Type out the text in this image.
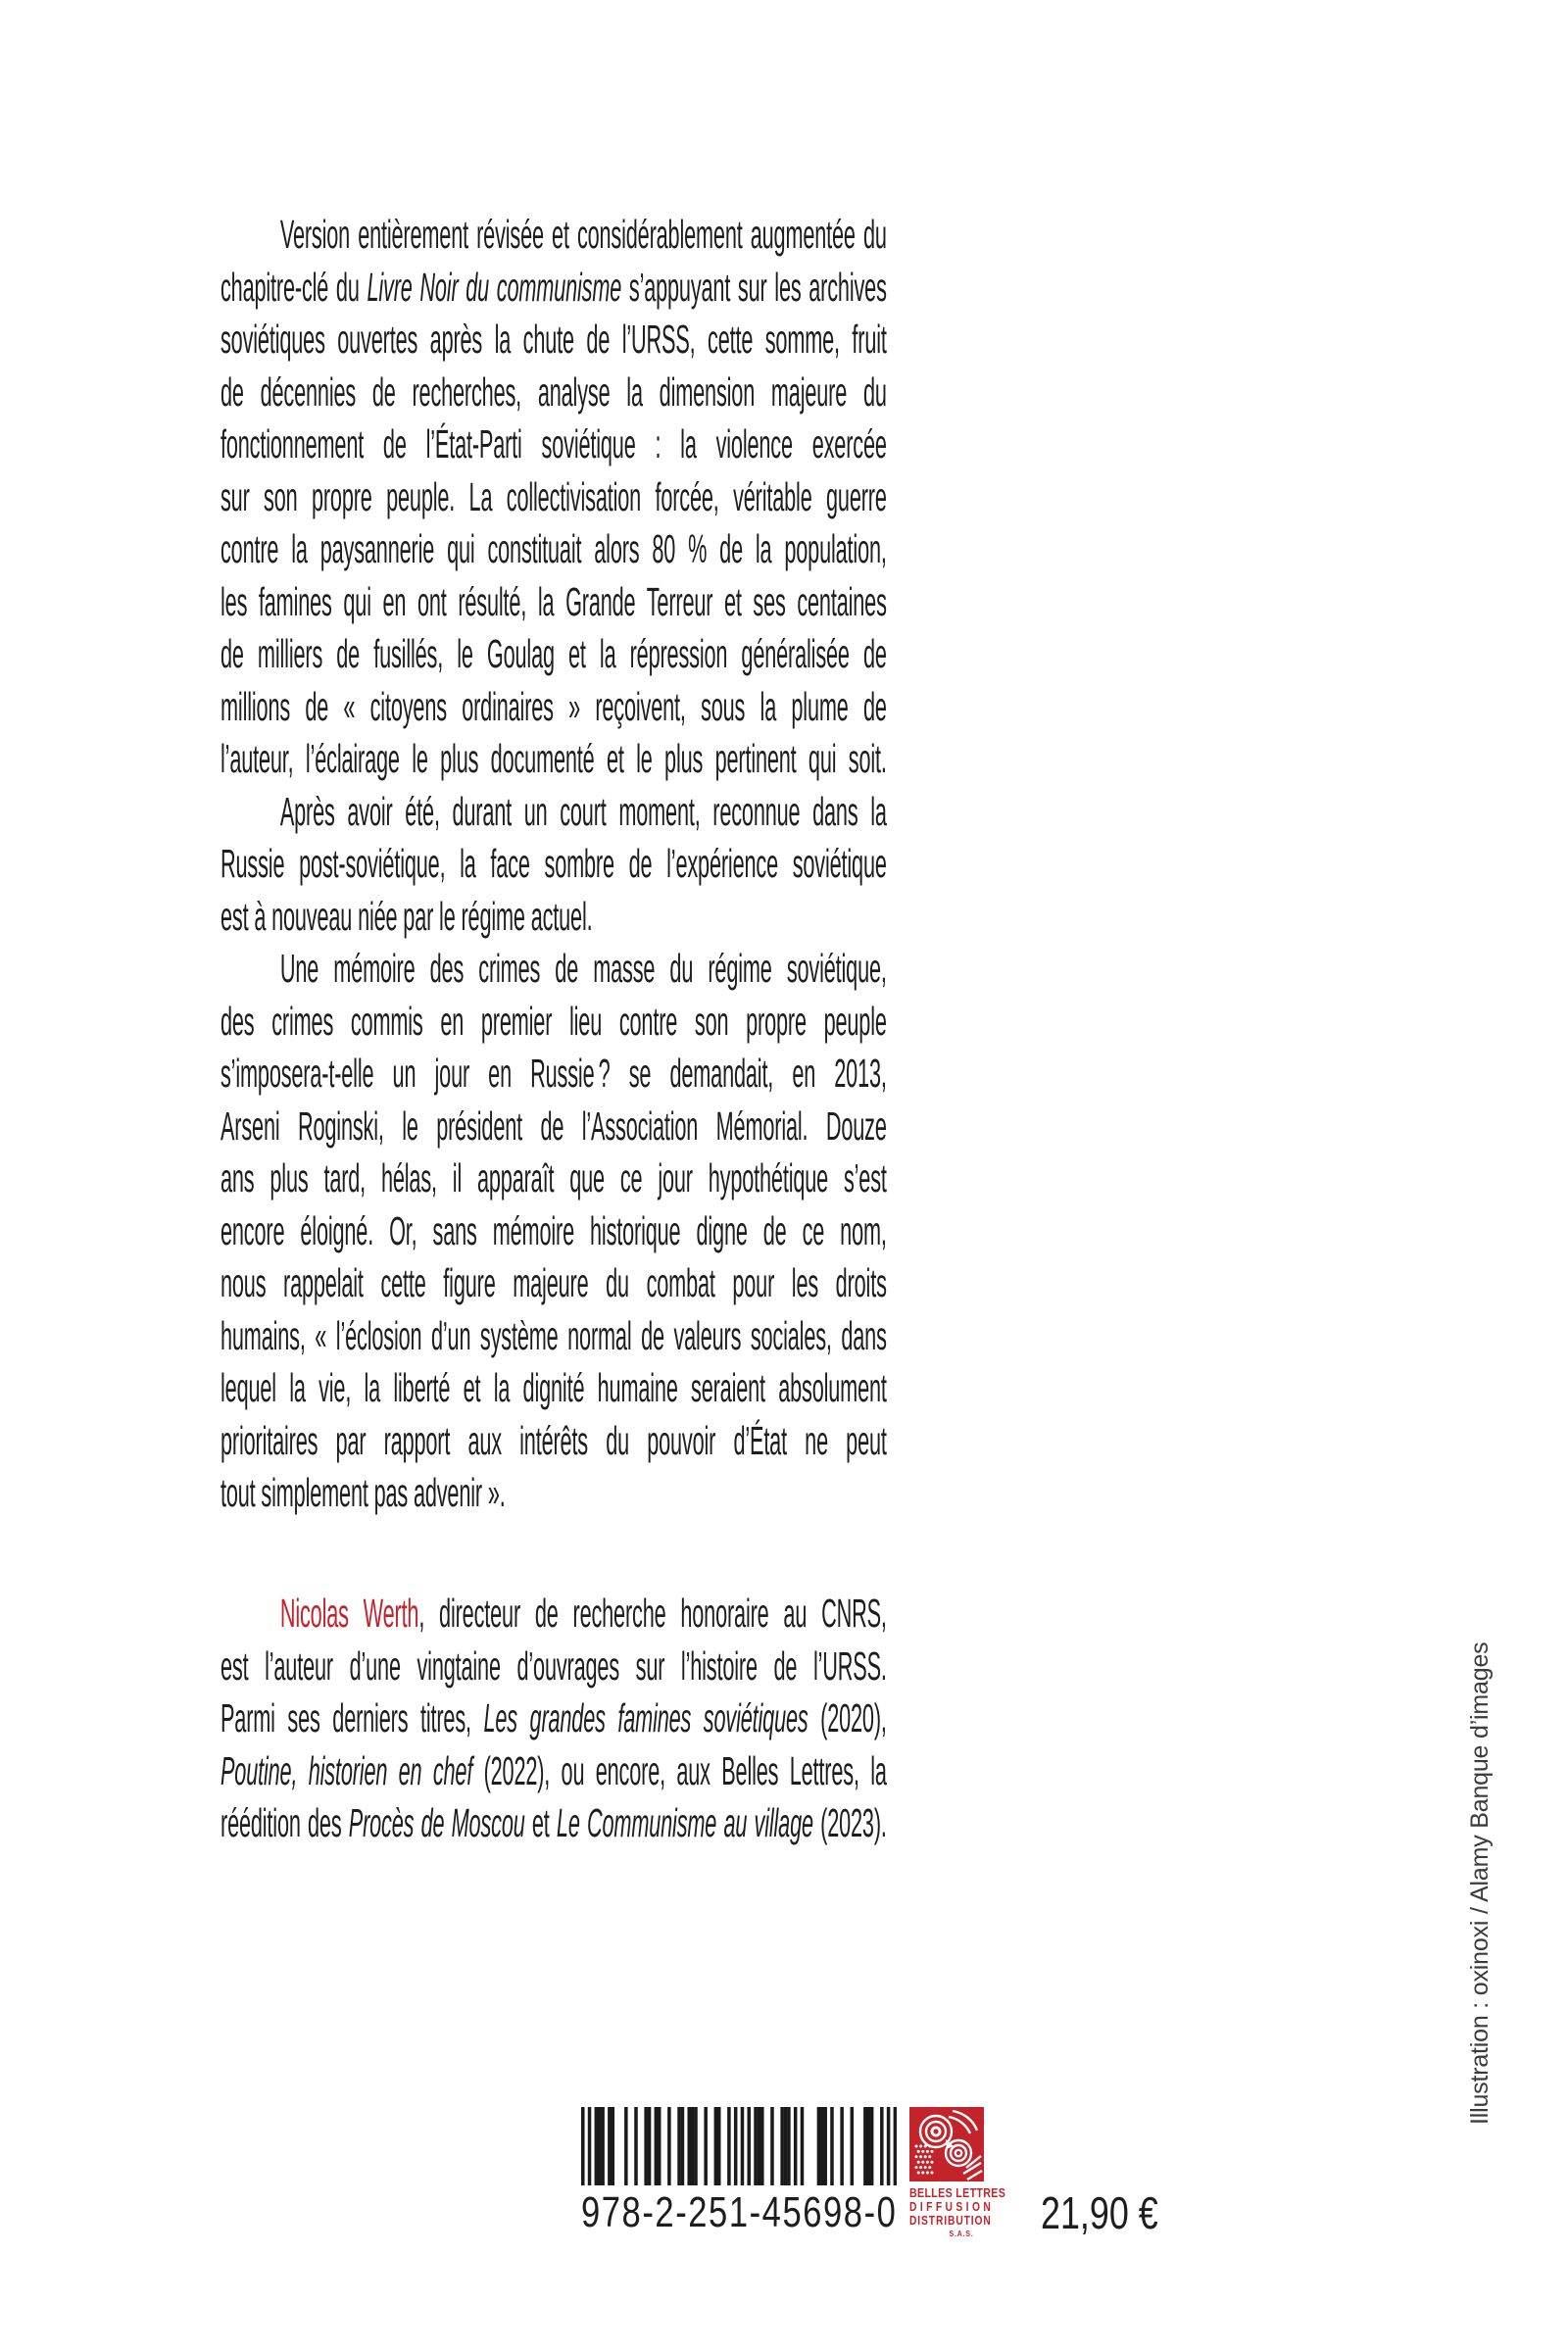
Version entièrement révisée et considérablement augmentée du
chapitre-clé du Livre Noir du communisme s’appuyant sur les archives
soviétiques ouvertes après la chute de l’URSS, cette somme, fruit
de décennies de recherches, analyse la dimension majeure du
fonctionnement de l’État-Parti soviétique : la violence exercée
sur son propre peuple. La collectivisation forcée, véritable guerre
contre la paysannerie qui constituait alors 80 % de la population,
les famines qui en ont résulté, la Grande Terreur et ses centaines
de milliers de fusillés, le Goulag et la répression généralisée de
millions de « citoyens ordinaires » reçoivent, sous la plume de
l’auteur, l’éclairage le plus documenté et le plus pertinent qui soit.
Après avoir été, durant un court moment, reconnue dans la
Russie post-soviétique, la face sombre de l’expérience soviétique
est à nouveau niée par le régime actuel.
Une mémoire des crimes de masse du régime soviétique,
des crimes commis en premier lieu contre son propre peuple
s’imposera-t-elle un jour en Russie ? se demandait, en 2013,
Arseni Roginski, le président de l’Association Mémorial. Douze
ans plus tard, hélas, il apparaît que ce jour hypothétique s’est
encore éloigné. Or, sans mémoire historique digne de ce nom,
nous rappelait cette figure majeure du combat pour les droits
humains, « l’éclosion d’un système normal de valeurs sociales, dans
lequel la vie, la liberté et la dignité humaine seraient absolument
prioritaires par rapport aux intérêts du pouvoir d’État ne peut
tout simplement pas advenir ».
Nicolas Werth, directeur de recherche honoraire au CNRS,
est l’auteur d’une vingtaine d’ouvrages sur l’histoire de l’URSS.
Parmi ses derniers titres, Les grandes famines soviétiques (2020),
Poutine, historien en chef (2022), ou encore, aux Belles Lettres, la
réédition des Procès de Moscou et Le Communisme au village (2023).	Illustration : oxinoxi / Alamy Banque d’images
978-2-251-45698-0 BELLES LETTRES
DIFFUSION
DISTRIBUTION
S.A.S. 21,90 €
